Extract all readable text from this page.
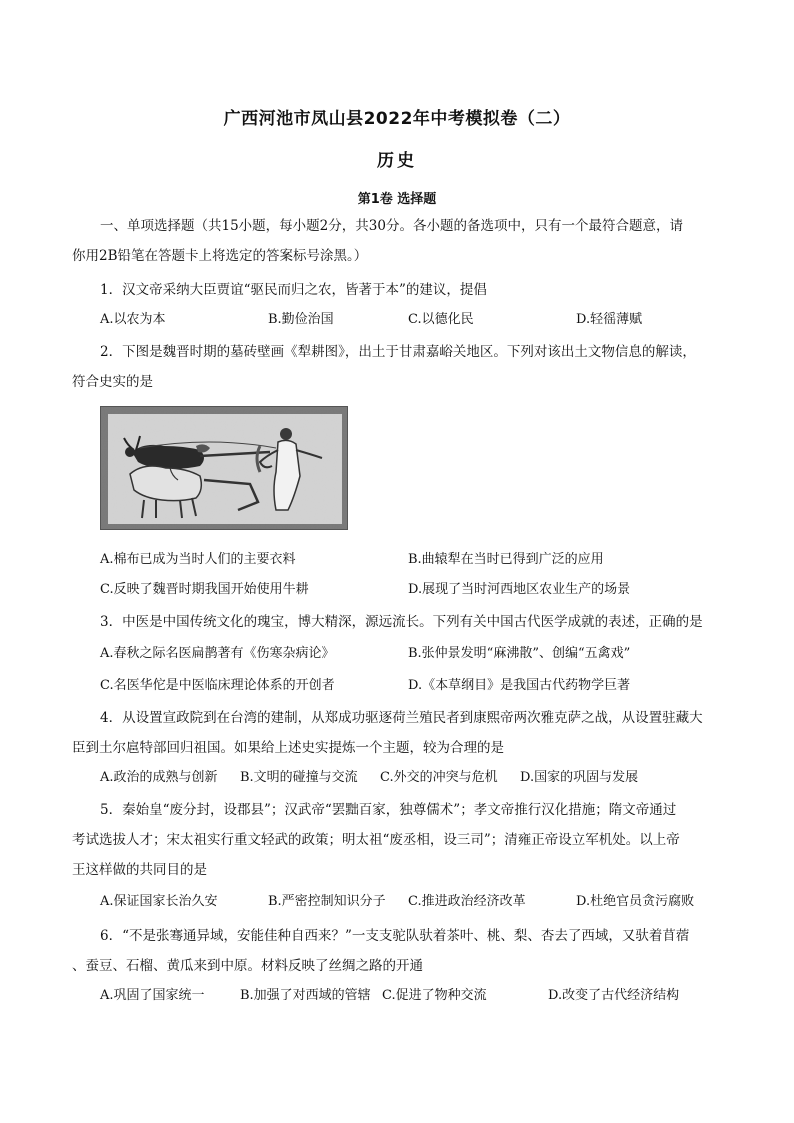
广西河池市凤山县2022年中考模拟卷（二）
历史
第1卷 选择题
一、单项选择题（共15小题，每小题2分，共30分。各小题的备选项中，只有一个最符合题意，请
你用2B铅笔在答题卡上将选定的答案标号涂黑。）
1．汉文帝采纳大臣贾谊“驱民而归之农，皆著于本”的建议，提倡
A.以农为本	B.勤俭治国	C.以德化民	D.轻徭薄赋
2．下图是魏晋时期的墓砖壁画《犁耕图》，出土于甘肃嘉峪关地区。下列对该出土文物信息的解读，
符合史实的是
A.棉布已成为当时人们的主要衣料	B.曲辕犁在当时已得到广泛的应用
C.反映了魏晋时期我国开始使用牛耕	D.展现了当时河西地区农业生产的场景
3．中医是中国传统文化的瑰宝，博大精深，源远流长。下列有关中国古代医学成就的表述，正确的是
A.春秋之际名医扁鹊著有《伤寒杂病论》	B.张仲景发明“麻沸散”、创编“五禽戏”
C.名医华佗是中医临床理论体系的开创者	D.《本草纲目》是我国古代药物学巨著
4．从设置宣政院到在台湾的建制，从郑成功驱逐荷兰殖民者到康熙帝两次雅克萨之战，从设置驻藏大
臣到土尔扈特部回归祖国。如果给上述史实提炼一个主题，较为合理的是
A.政治的成熟与创新 B.文明的碰撞与交流 C.外交的冲突与危机 D.国家的巩固与发展
5．秦始皇“废分封，设郡县”；汉武帝“罢黜百家，独尊儒术”；孝文帝推行汉化措施；隋文帝通过
考试选拔人才；宋太祖实行重文轻武的政策；明太祖“废丞相，设三司”；清雍正帝设立军机处。以上帝
王这样做的共同目的是
A.保证国家长治久安	B.严密控制知识分子 C.推进政治经济改革	D.杜绝官员贪污腐败
6．“不是张骞通异域，安能佳种自西来？”一支支驼队驮着茶叶、桃、梨、杏去了西域，又驮着苜蓿
、蚕豆、石榴、黄瓜来到中原。材料反映了丝绸之路的开通
A.巩固了国家统一	B.加强了对西域的管辖 C.促进了物种交流	D.改变了古代经济结构
